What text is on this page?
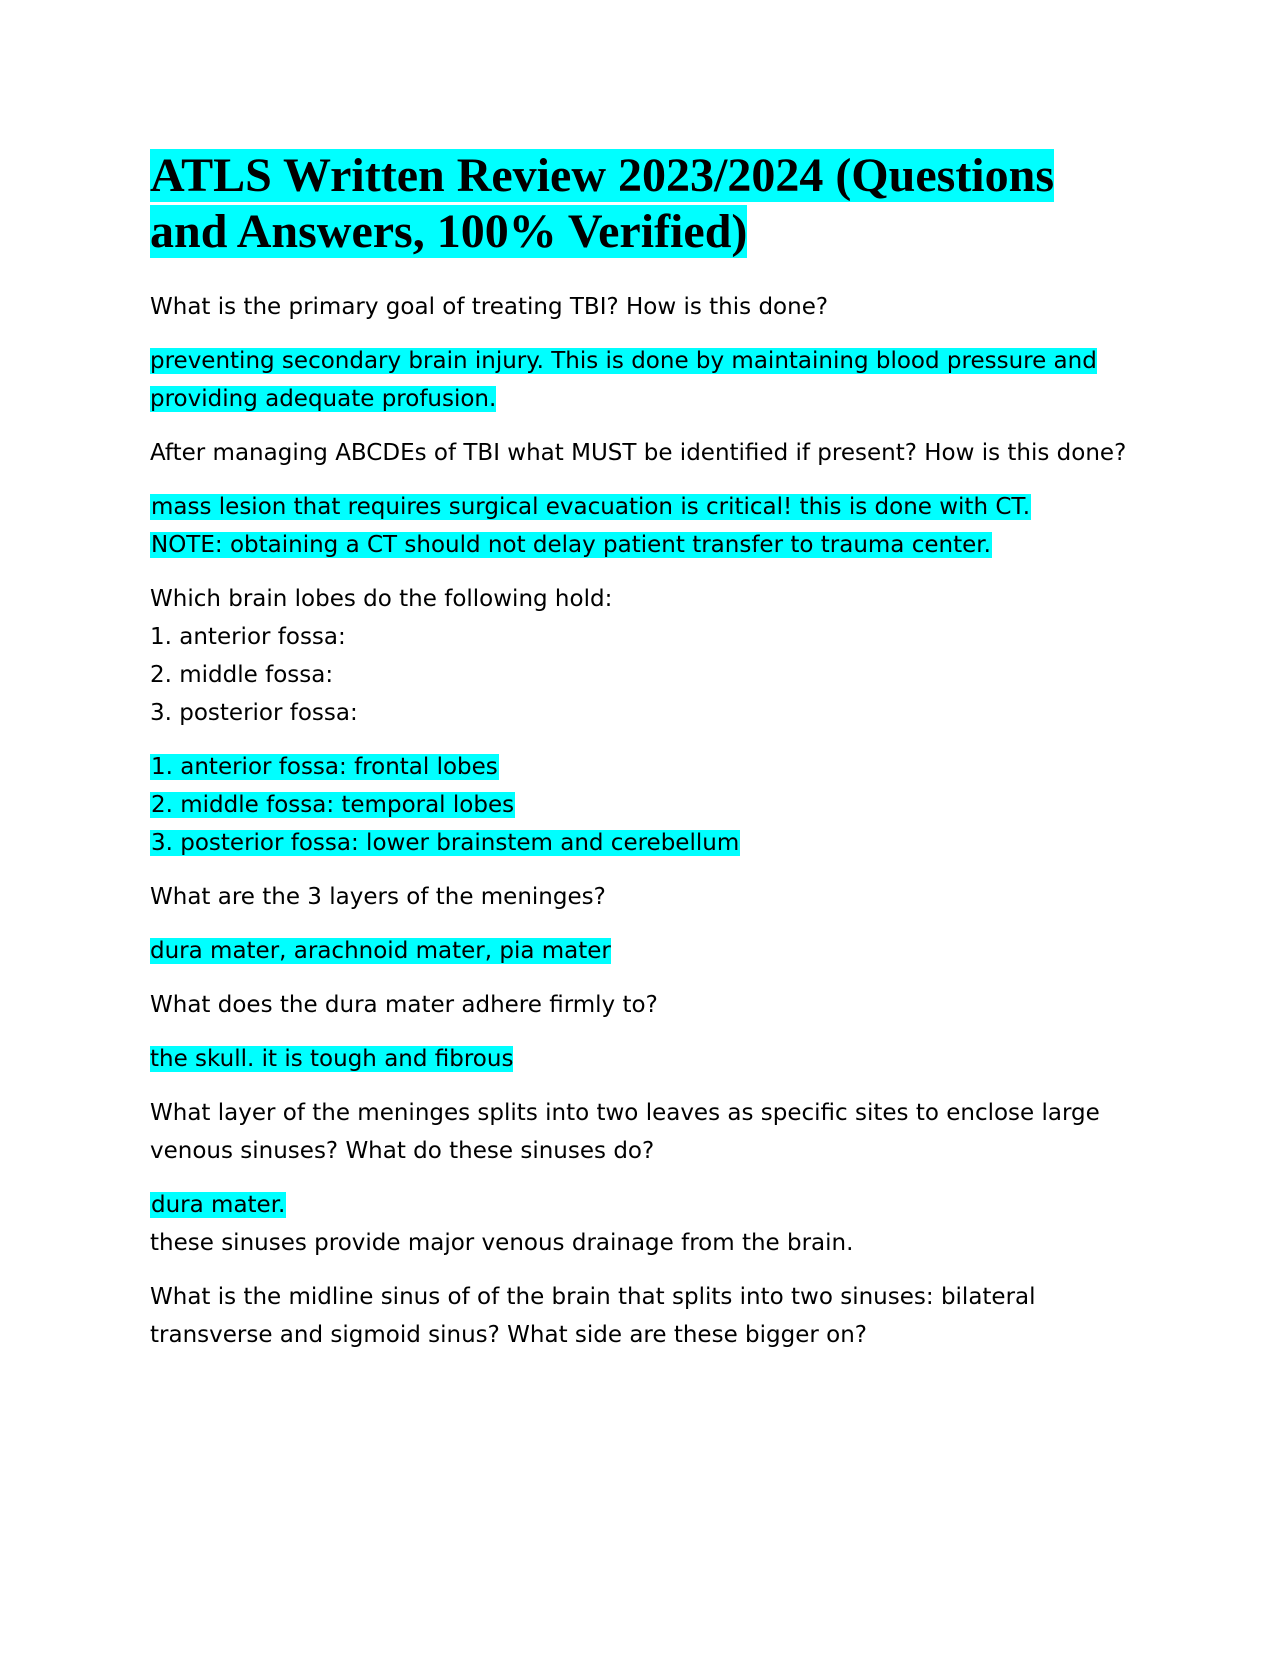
ATLS Written Review 2023/2024 (Questions and Answers, 100% Verified)
What is the primary goal of treating TBI? How is this done?
preventing secondary brain injury. This is done by maintaining blood pressure and providing adequate profusion.
After managing ABCDEs of TBI what MUST be identified if present? How is this done?
mass lesion that requires surgical evacuation is critical! this is done with CT.
NOTE: obtaining a CT should not delay patient transfer to trauma center.
Which brain lobes do the following hold:
1. anterior fossa:
2. middle fossa:
3. posterior fossa:
1. anterior fossa: frontal lobes
2. middle fossa: temporal lobes
3. posterior fossa: lower brainstem and cerebellum
What are the 3 layers of the meninges?
dura mater, arachnoid mater, pia mater
What does the dura mater adhere firmly to?
the skull. it is tough and fibrous
What layer of the meninges splits into two leaves as specific sites to enclose large venous sinuses? What do these sinuses do?
dura mater.
these sinuses provide major venous drainage from the brain.
What is the midline sinus of of the brain that splits into two sinuses: bilateral transverse and sigmoid sinus? What side are these bigger on?
